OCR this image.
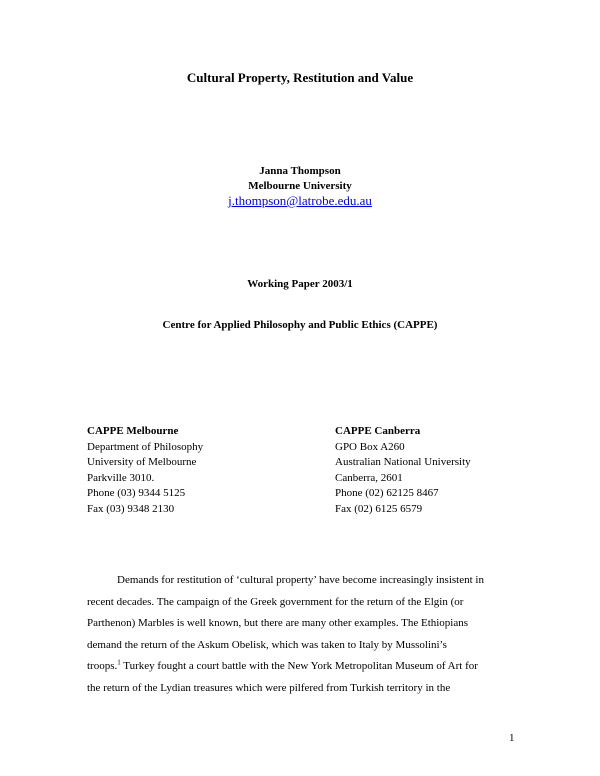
Cultural Property, Restitution and Value
Janna Thompson
Melbourne University
j.thompson@latrobe.edu.au
Working Paper 2003/1
Centre for Applied Philosophy and Public Ethics (CAPPE)
CAPPE Melbourne
Department of Philosophy
University of Melbourne
Parkville 3010.
Phone (03) 9344 5125
Fax (03) 9348 2130
CAPPE Canberra
GPO Box A260
Australian National University
Canberra, 2601
Phone (02) 62125 8467
Fax (02) 6125 6579
Demands for restitution of ‘cultural property’ have become increasingly insistent in
recent decades. The campaign of the Greek government for the return of the Elgin (or
Parthenon) Marbles is well known, but there are many other examples. The Ethiopians
demand the return of the Askum Obelisk, which was taken to Italy by Mussolini’s
troops.$^1$ Turkey fought a court battle with the New York Metropolitan Museum of Art for
the return of the Lydian treasures which were pilfered from Turkish territory in the
1
